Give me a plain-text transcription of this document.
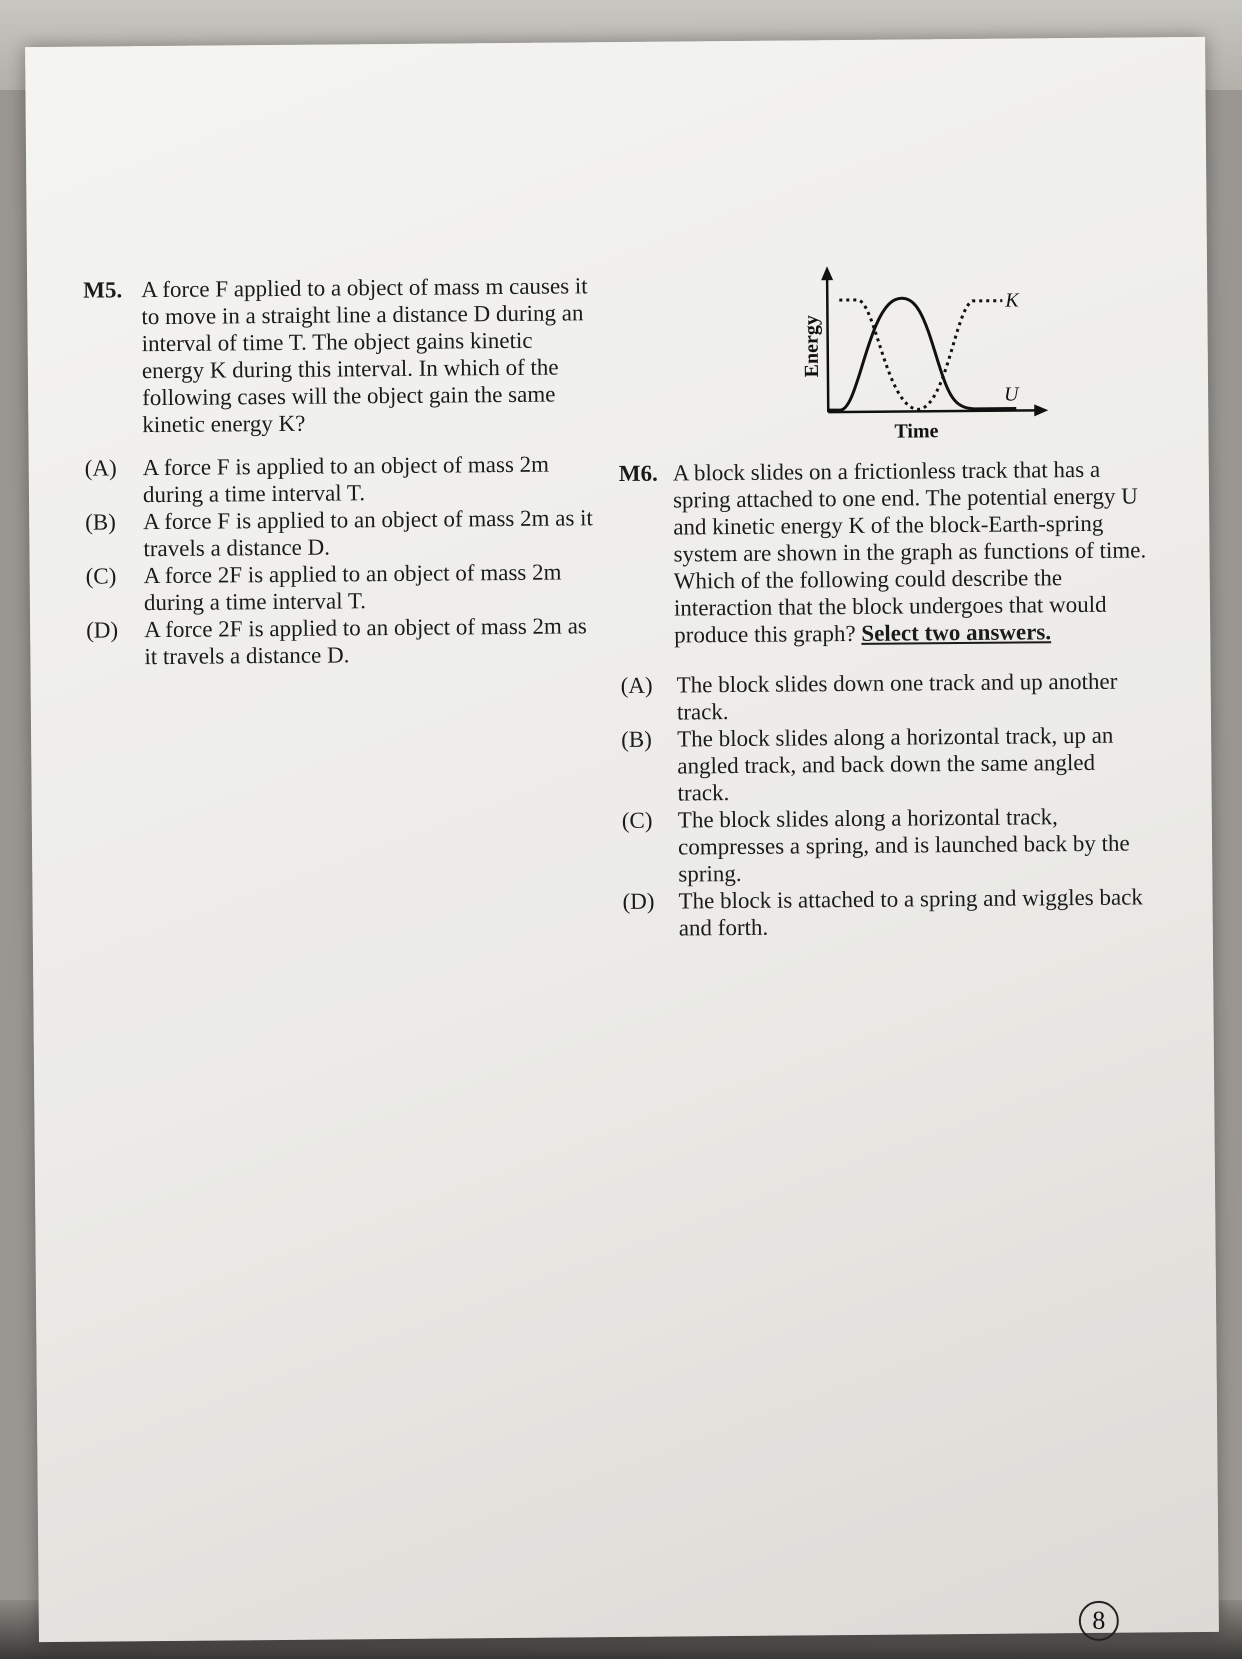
M5. A force F applied to a object of mass m causes it to move in a straight line a distance D during an interval of time T. The object gains kinetic energy K during this interval. In which of the following cases will the object gain the same kinetic energy K?
(A) A force F is applied to an object of mass 2m during a time interval T.
(B) A force F is applied to an object of mass 2m as it travels a distance D.
(C) A force 2F is applied to an object of mass 2m during a time interval T.
(D) A force 2F is applied to an object of mass 2m as it travels a distance D.
Energy
Time
K
U
M6. A block slides on a frictionless track that has a spring attached to one end. The potential energy U and kinetic energy K of the block-Earth-spring system are shown in the graph as functions of time. Which of the following could describe the interaction that the block undergoes that would produce this graph? Select two answers.
(A) The block slides down one track and up another track.
(B) The block slides along a horizontal track, up an angled track, and back down the same angled track.
(C) The block slides along a horizontal track, compresses a spring, and is launched back by the spring.
(D) The block is attached to a spring and wiggles back and forth.
8
